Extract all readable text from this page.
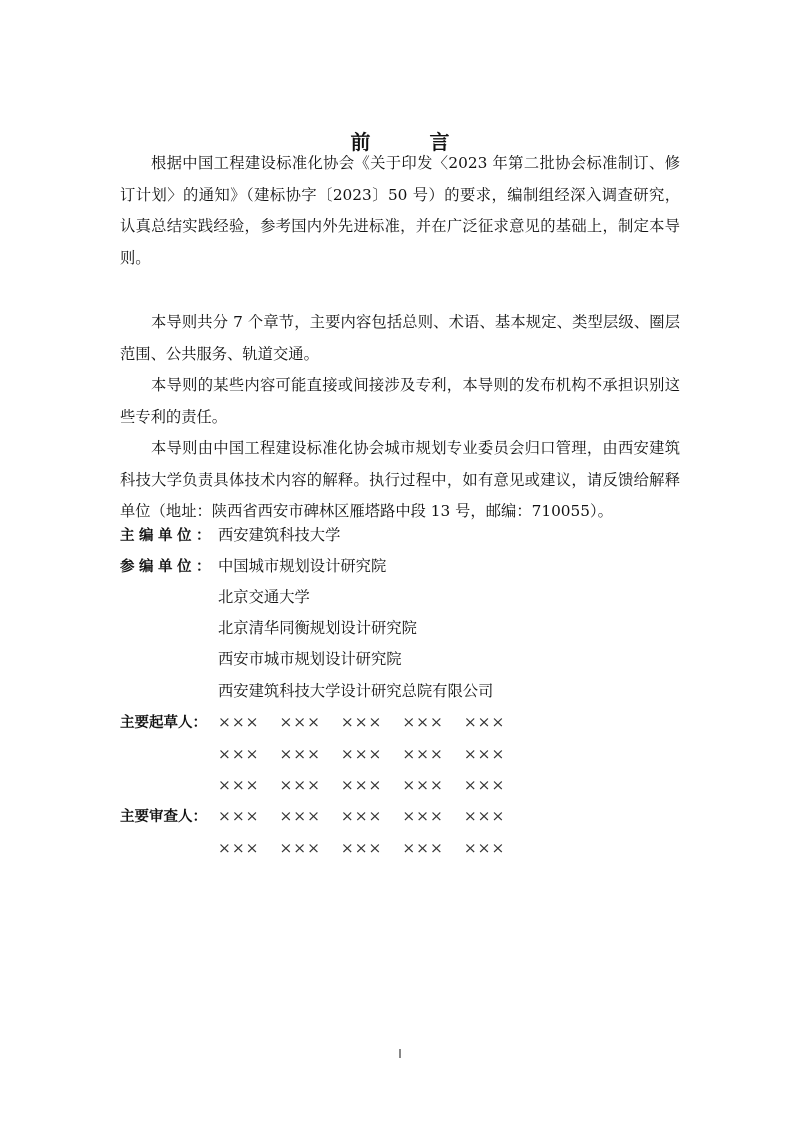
前 言

根据中国工程建设标准化协会《关于印发〈2023 年第二批协会标准制订、修订计划〉的通知》（建标协字〔2023〕50 号）的要求，编制组经深入调查研究，认真总结实践经验，参考国内外先进标准，并在广泛征求意见的基础上，制定本导则。

本导则共分 7 个章节，主要内容包括总则、术语、基本规定、类型层级、圈层范围、公共服务、轨道交通。

本导则的某些内容可能直接或间接涉及专利，本导则的发布机构不承担识别这些专利的责任。

本导则由中国工程建设标准化协会城市规划专业委员会归口管理，由西安建筑科技大学负责具体技术内容的解释。执行过程中，如有意见或建议，请反馈给解释单位（地址：陕西省西安市碑林区雁塔路中段 13 号，邮编：710055）。

主编单位： 西安建筑科技大学
参编单位： 中国城市规划设计研究院
北京交通大学
北京清华同衡规划设计研究院
西安市城市规划设计研究院
西安建筑科技大学设计研究总院有限公司
主要起草人： ××× ××× ××× ××× ×××
××× ××× ××× ××× ×××
××× ××× ××× ××× ×××
主要审查人： ××× ××× ××× ××× ×××
××× ××× ××× ××× ×××
